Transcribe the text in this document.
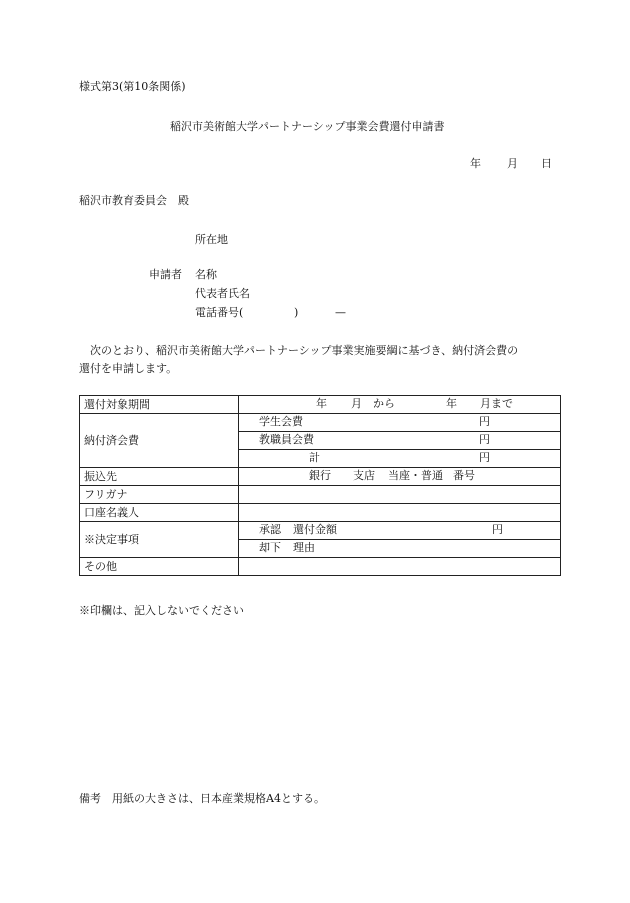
様式第3(第10条関係)
稲沢市美術館大学パートナーシップ事業会費還付申請書
年 月 日
稲沢市教育委員会　殿
所在地
申請者 名称
代表者氏名
電話番号(	)	—
次のとおり、稲沢市美術館大学パートナーシップ事業実施要綱に基づき、納付済会費の
還付を申請します。
還付対象期間	年 月 から 年 月まで

納付済会費	学生会費 円

	教職員会費 円

	計 円

振込先	銀行 支店 当座・普通 番号

フリガナ	
口座名義人	
※決定事項	承認 還付金額 円

	却下 理由

その他	
※印欄は、記入しないでください
備考　用紙の大きさは、日本産業規格A4とする。
